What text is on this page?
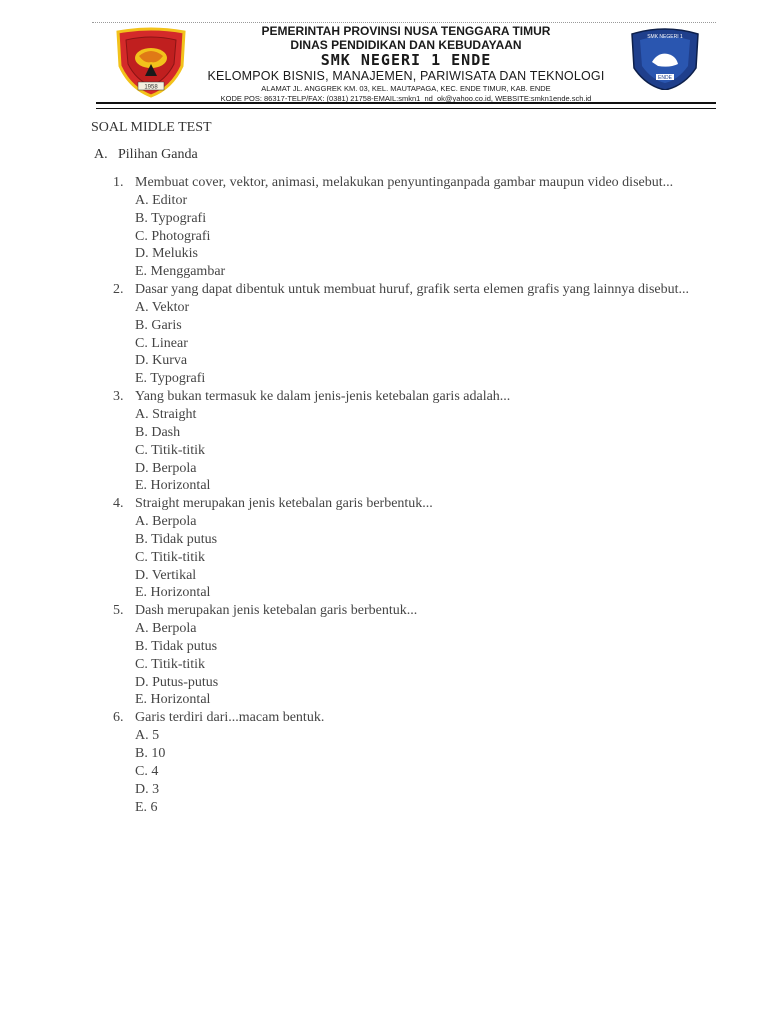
1958
PEMERINTAH PROVINSI NUSA TENGGARA TIMUR
DINAS PENDIDIKAN DAN KEBUDAYAAN
SMK NEGERI 1 ENDE
KELOMPOK BISNIS, MANAJEMEN, PARIWISATA DAN TEKNOLOGI
ALAMAT JL. ANGGREK KM. 03, KEL. MAUTAPAGA, KEC. ENDE TIMUR, KAB. ENDE
KODE POS: 86317-TELP/FAX: (0381) 21758-EMAIL:smkn1_nd_ok@yahoo.co.id, WEBSITE:smkn1ende.sch.id
SMK NEGERI 1
ENDE
SOAL MIDLE TEST
A. Pilihan Ganda
1. Membuat cover, vektor, animasi, melakukan penyuntinganpada gambar maupun video disebut...
A. Editor
B. Typografi
C. Photografi
D. Melukis
E. Menggambar
2. Dasar yang dapat dibentuk untuk membuat huruf, grafik serta elemen grafis yang lainnya disebut...
A. Vektor
B. Garis
C. Linear
D. Kurva
E. Typografi
3. Yang bukan termasuk ke dalam jenis-jenis ketebalan garis adalah...
A. Straight
B. Dash
C. Titik-titik
D. Berpola
E. Horizontal
4. Straight merupakan jenis ketebalan garis berbentuk...
A. Berpola
B. Tidak putus
C. Titik-titik
D. Vertikal
E. Horizontal
5. Dash merupakan jenis ketebalan garis berbentuk...
A. Berpola
B. Tidak putus
C. Titik-titik
D. Putus-putus
E. Horizontal
6. Garis terdiri dari...macam bentuk.
A. 5
B. 10
C. 4
D. 3
E. 6
